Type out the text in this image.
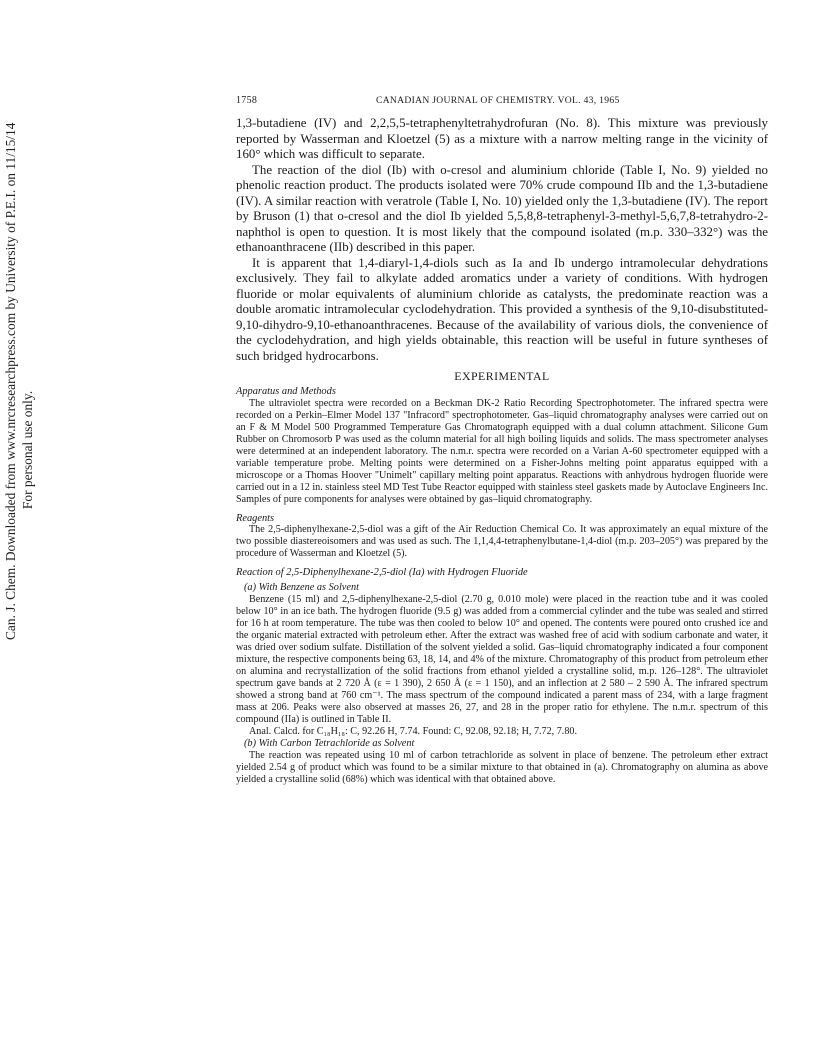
Can. J. Chem. Downloaded from www.nrcresearchpress.com by University of P.E.I. on 11/15/14 For personal use only.
1758	CANADIAN JOURNAL OF CHEMISTRY. VOL. 43, 1965

1,3-butadiene (IV) and 2,2,5,5-tetraphenyltetrahydrofuran (No. 8). This mixture was previously reported by Wasserman and Kloetzel (5) as a mixture with a narrow melting range in the vicinity of 160° which was difficult to separate.

The reaction of the diol (Ib) with o-cresol and aluminium chloride (Table I, No. 9) yielded no phenolic reaction product. The products isolated were 70% crude compound IIb and the 1,3-butadiene (IV). A similar reaction with veratrole (Table I, No. 10) yielded only the 1,3-butadiene (IV). The report by Bruson (1) that o-cresol and the diol Ib yielded 5,5,8,8-tetraphenyl-3-methyl-5,6,7,8-tetrahydro-2-naphthol is open to question. It is most likely that the compound isolated (m.p. 330–332°) was the ethanoanthracene (IIb) described in this paper.

It is apparent that 1,4-diaryl-1,4-diols such as Ia and Ib undergo intramolecular dehydrations exclusively. They fail to alkylate added aromatics under a variety of conditions. With hydrogen fluoride or molar equivalents of aluminium chloride as catalysts, the predominate reaction was a double aromatic intramolecular cyclodehydration. This provided a synthesis of the 9,10-disubstituted-9,10-dihydro-9,10-ethanoanthracenes. Because of the availability of various diols, the convenience of the cyclodehydration, and high yields obtainable, this reaction will be useful in future syntheses of such bridged hydrocarbons.

EXPERIMENTAL

Apparatus and Methods

The ultraviolet spectra were recorded on a Beckman DK-2 Ratio Recording Spectrophotometer. The infrared spectra were recorded on a Perkin–Elmer Model 137 "Infracord" spectrophotometer. Gas–liquid chromatography analyses were carried out on an F & M Model 500 Programmed Temperature Gas Chromatograph equipped with a dual column attachment. Silicone Gum Rubber on Chromosorb P was used as the column material for all high boiling liquids and solids. The mass spectrometer analyses were determined at an independent laboratory. The n.m.r. spectra were recorded on a Varian A-60 spectrometer equipped with a variable temperature probe. Melting points were determined on a Fisher-Johns melting point apparatus equipped with a microscope or a Thomas Hoover "Unimelt" capillary melting point apparatus. Reactions with anhydrous hydrogen fluoride were carried out in a 12 in. stainless steel MD Test Tube Reactor equipped with stainless steel gaskets made by Autoclave Engineers Inc. Samples of pure components for analyses were obtained by gas–liquid chromatography.

Reagents

The 2,5-diphenylhexane-2,5-diol was a gift of the Air Reduction Chemical Co. It was approximately an equal mixture of the two possible diastereoisomers and was used as such. The 1,1,4,4-tetraphenylbutane-1,4-diol (m.p. 203–205°) was prepared by the procedure of Wasserman and Kloetzel (5).

Reaction of 2,5-Diphenylhexane-2,5-diol (Ia) with Hydrogen Fluoride

(a) With Benzene as Solvent

Benzene (15 ml) and 2,5-diphenylhexane-2,5-diol (2.70 g, 0.010 mole) were placed in the reaction tube and it was cooled below 10° in an ice bath. The hydrogen fluoride (9.5 g) was added from a commercial cylinder and the tube was sealed and stirred for 16 h at room temperature. The tube was then cooled to below 10° and opened. The contents were poured onto crushed ice and the organic material extracted with petroleum ether. After the extract was washed free of acid with sodium carbonate and water, it was dried over sodium sulfate. Distillation of the solvent yielded a solid. Gas–liquid chromatography indicated a four component mixture, the respective components being 63, 18, 14, and 4% of the mixture. Chromatography of this product from petroleum ether on alumina and recrystallization of the solid fractions from ethanol yielded a crystalline solid, m.p. 126–128°. The ultraviolet spectrum gave bands at 2 720 Å (ε = 1 390), 2 650 Å (ε = 1 150), and an inflection at 2 580 – 2 590 Å. The infrared spectrum showed a strong band at 760 cm⁻¹. The mass spectrum of the compound indicated a parent mass of 234, with a large fragment mass at 206. Peaks were also observed at masses 26, 27, and 28 in the proper ratio for ethylene. The n.m.r. spectrum of this compound (IIa) is outlined in Table II.

Anal. Calcd. for C₁₈H₁₈: C, 92.26 H, 7.74. Found: C, 92.08, 92.18; H, 7.72, 7.80.

(b) With Carbon Tetrachloride as Solvent

The reaction was repeated using 10 ml of carbon tetrachloride as solvent in place of benzene. The petroleum ether extract yielded 2.54 g of product which was found to be a similar mixture to that obtained in (a). Chromatography on alumina as above yielded a crystalline solid (68%) which was identical with that obtained above.
